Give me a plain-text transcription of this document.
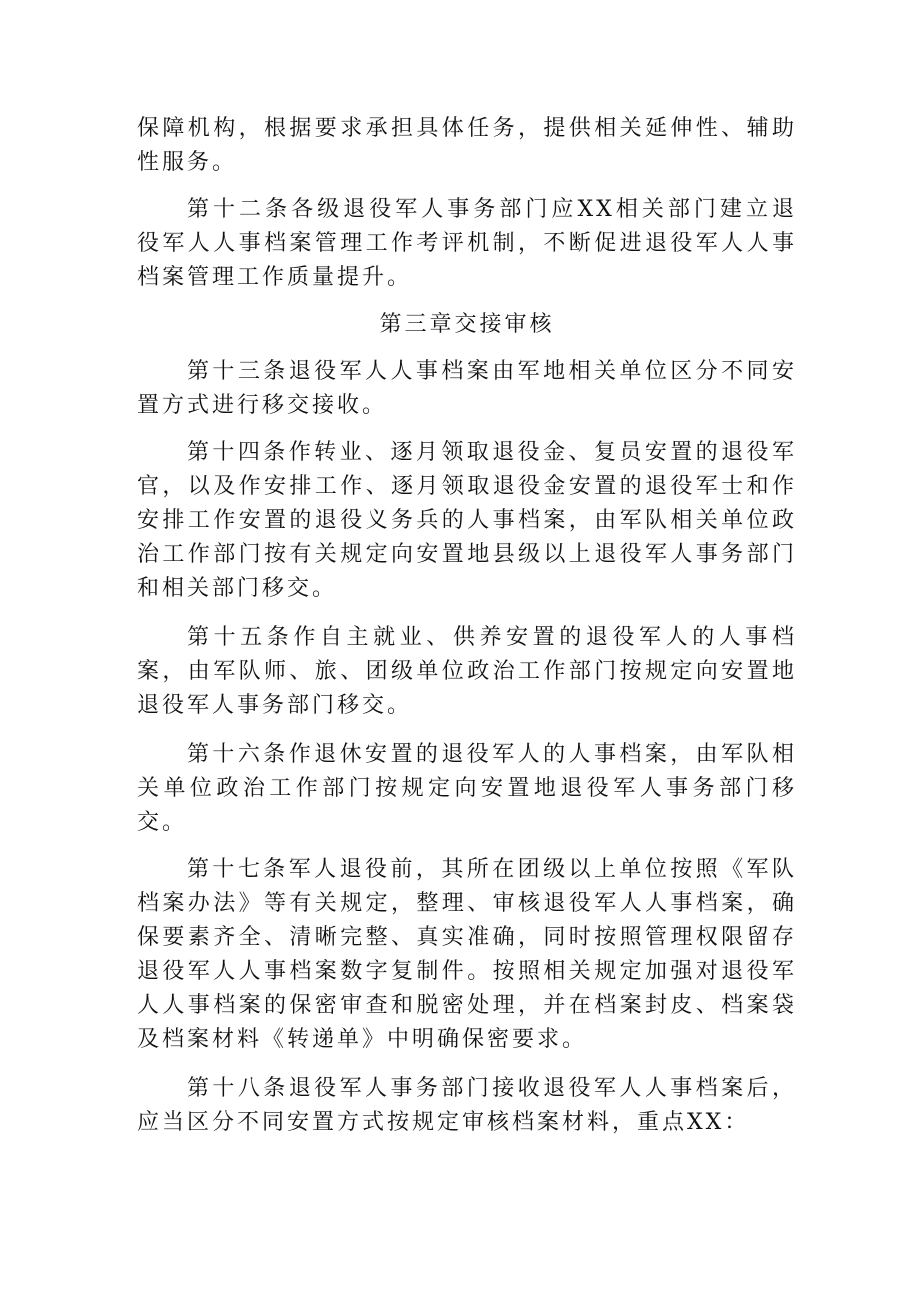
保障机构，根据要求承担具体任务，提供相关延伸性、辅助性服务。

第十二条各级退役军人事务部门应XX相关部门建立退役军人人事档案管理工作考评机制，不断促进退役军人人事档案管理工作质量提升。

第三章交接审核

第十三条退役军人人事档案由军地相关单位区分不同安置方式进行移交接收。

第十四条作转业、逐月领取退役金、复员安置的退役军官，以及作安排工作、逐月领取退役金安置的退役军士和作安排工作安置的退役义务兵的人事档案，由军队相关单位政治工作部门按有关规定向安置地县级以上退役军人事务部门和相关部门移交。

第十五条作自主就业、供养安置的退役军人的人事档案，由军队师、旅、团级单位政治工作部门按规定向安置地退役军人事务部门移交。

第十六条作退休安置的退役军人的人事档案，由军队相关单位政治工作部门按规定向安置地退役军人事务部门移交。

第十七条军人退役前，其所在团级以上单位按照《军队档案办法》等有关规定，整理、审核退役军人人事档案，确保要素齐全、清晰完整、真实准确，同时按照管理权限留存退役军人人事档案数字复制件。按照相关规定加强对退役军人人事档案的保密审查和脱密处理，并在档案封皮、档案袋及档案材料《转递单》中明确保密要求。

第十八条退役军人事务部门接收退役军人人事档案后，应当区分不同安置方式按规定审核档案材料，重点XX：
